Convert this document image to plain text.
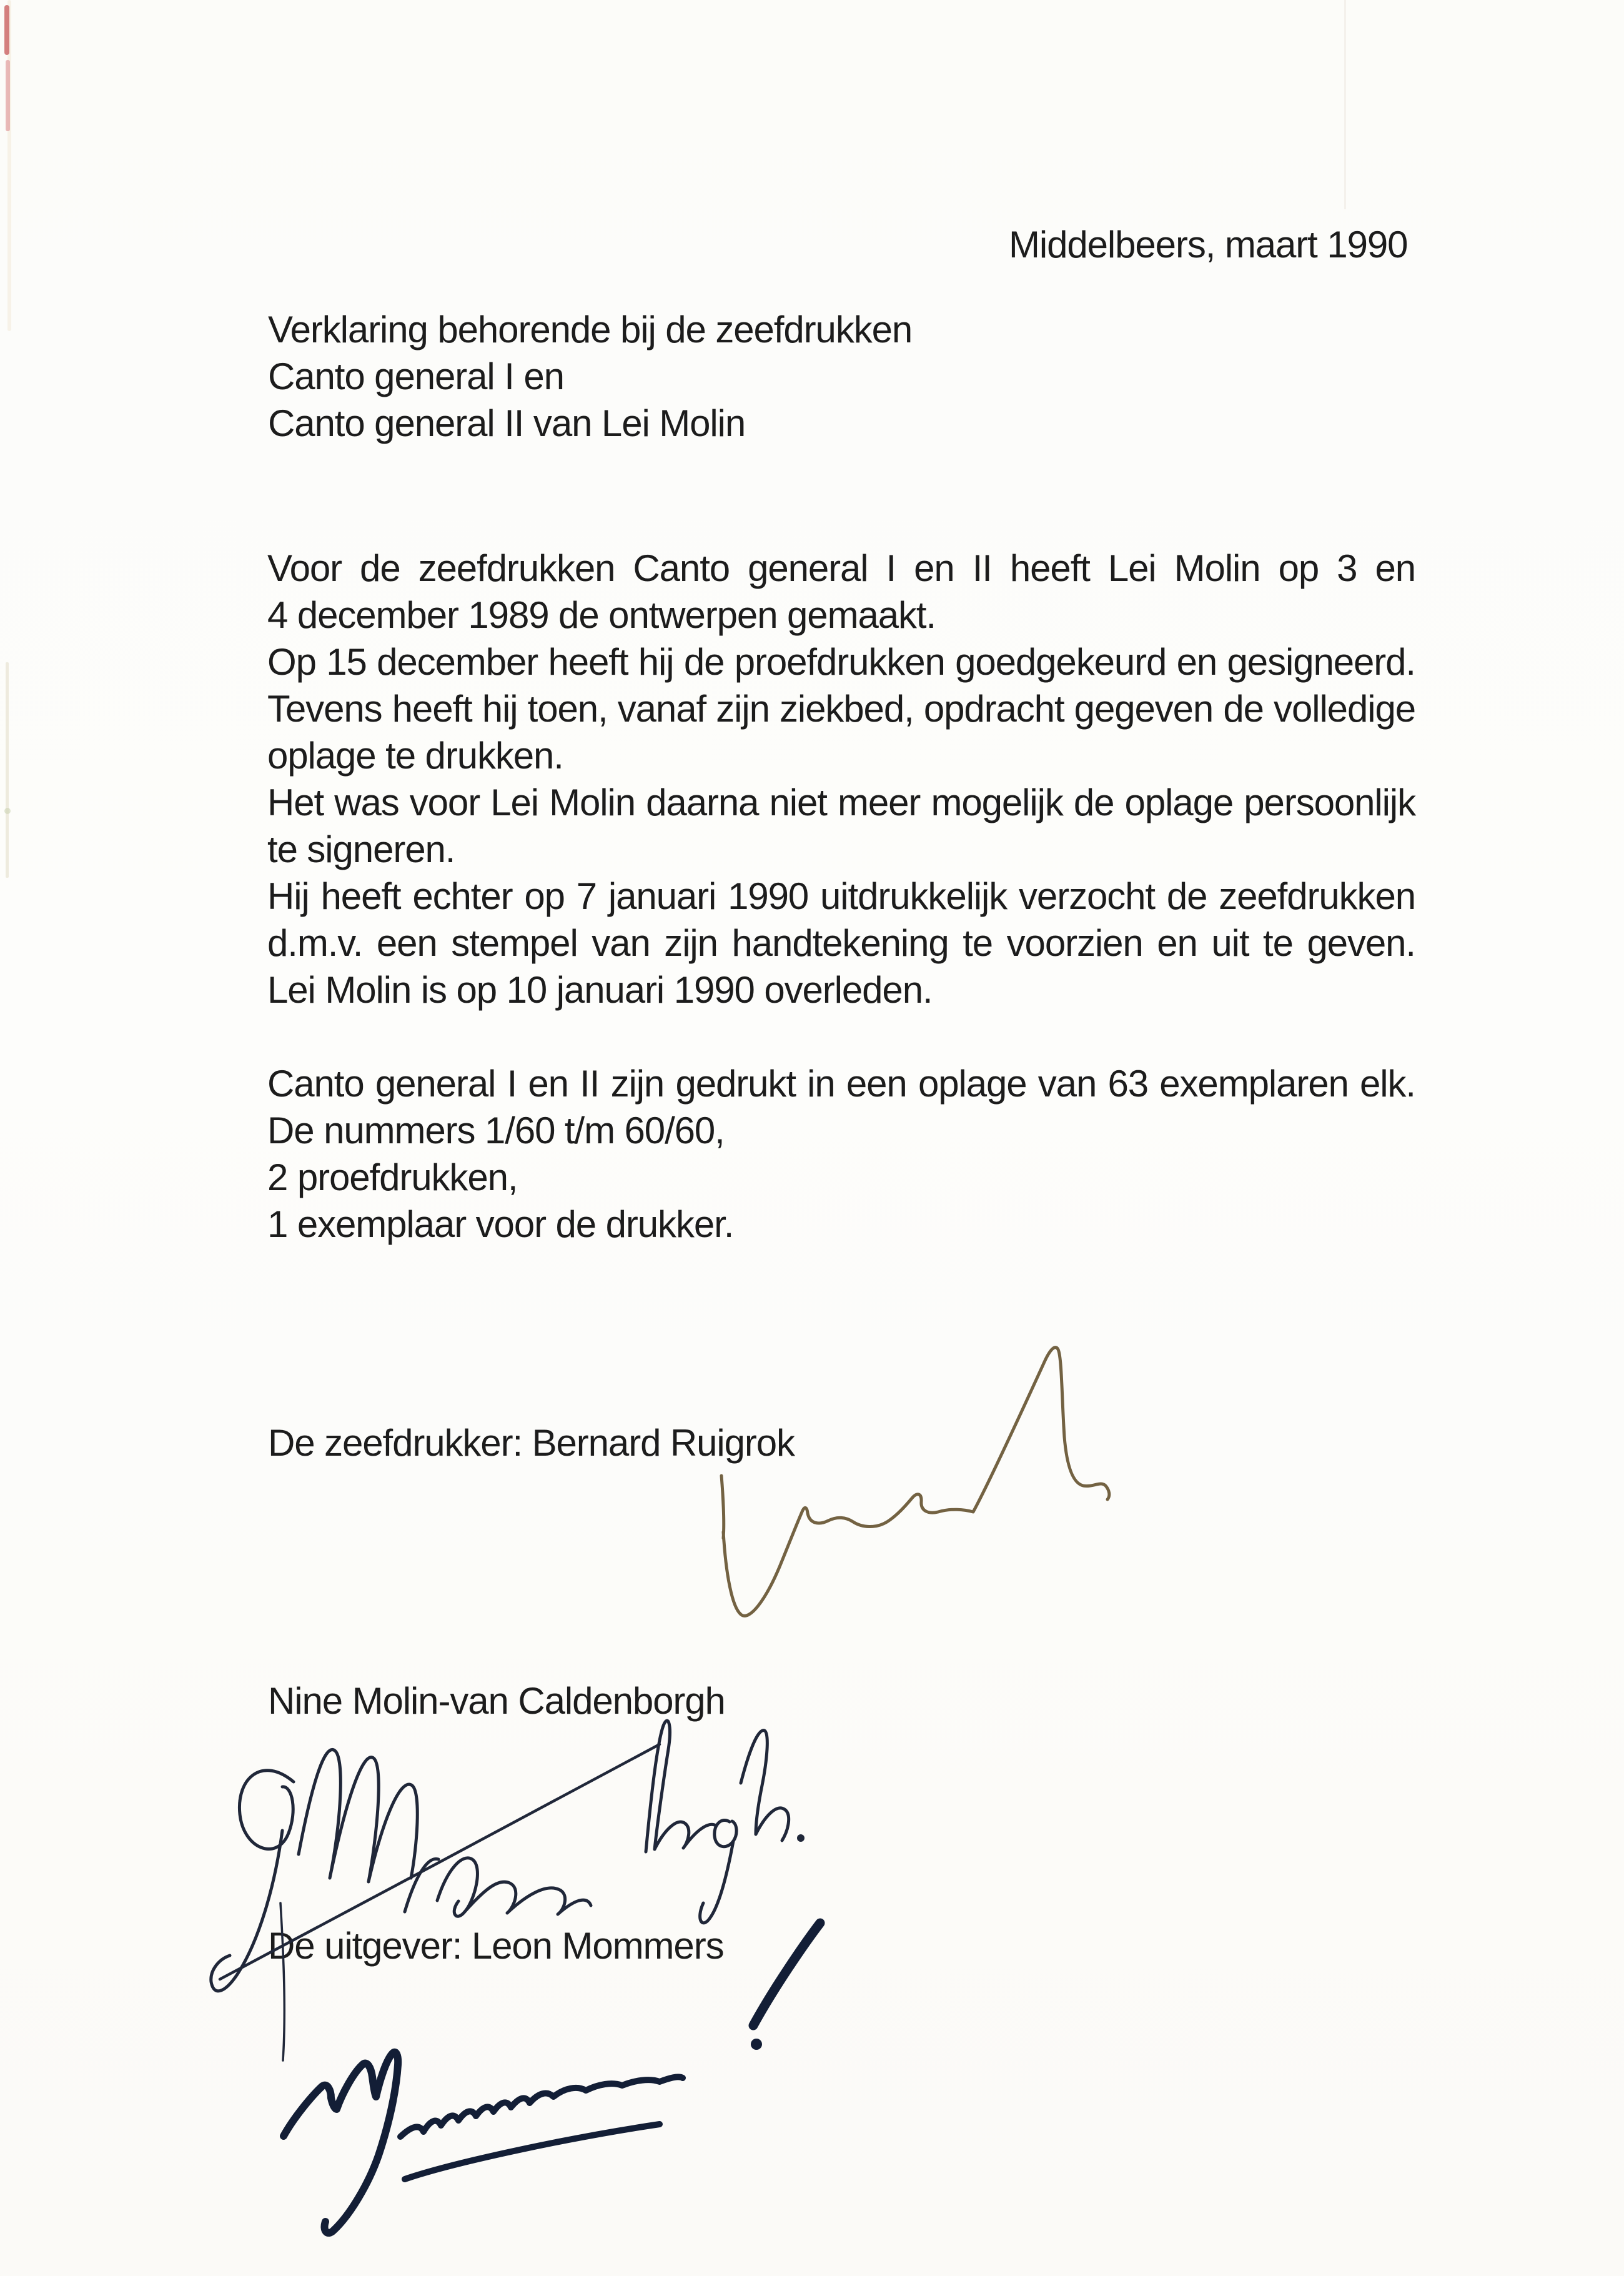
Middelbeers, maart 1990
Verklaring behorende bij de zeefdrukken
Canto general I en
Canto general II van Lei Molin
Voor de zeefdrukken Canto general I en II heeft Lei Molin op 3 en
4 december 1989 de ontwerpen gemaakt.
Op 15 december heeft hij de proefdrukken goedgekeurd en gesigneerd.
Tevens heeft hij toen, vanaf zijn ziekbed, opdracht gegeven de volledige
oplage te drukken.
Het was voor Lei Molin daarna niet meer mogelijk de oplage persoonlijk
te signeren.
Hij heeft echter op 7 januari 1990 uitdrukkelijk verzocht de zeefdrukken
d.m.v. een stempel van zijn handtekening te voorzien en uit te geven.
Lei Molin is op 10 januari 1990 overleden.
Canto general I en II zijn gedrukt in een oplage van 63 exemplaren elk.
De nummers 1/60 t/m 60/60,
2 proefdrukken,
1 exemplaar voor de drukker.
De zeefdrukker: Bernard Ruigrok
Nine Molin-van Caldenborgh
De uitgever: Leon Mommers
